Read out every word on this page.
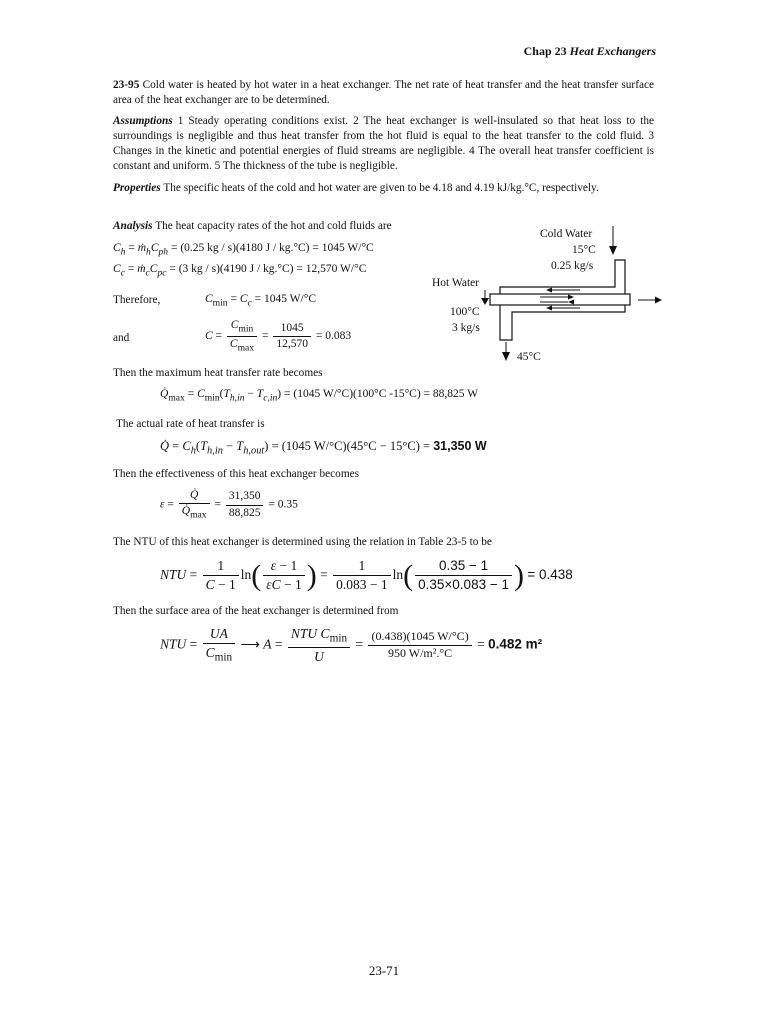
Chap 23 Heat Exchangers
23-95 Cold water is heated by hot water in a heat exchanger. The net rate of heat transfer and the heat transfer surface area of the heat exchanger are to be determined.
Assumptions 1 Steady operating conditions exist. 2 The heat exchanger is well-insulated so that heat loss to the surroundings is negligible and thus heat transfer from the hot fluid is equal to the heat transfer to the cold fluid. 3 Changes in the kinetic and potential energies of fluid streams are negligible. 4 The overall heat transfer coefficient is constant and uniform. 5 The thickness of the tube is negligible.
Properties The specific heats of the cold and hot water are given to be 4.18 and 4.19 kJ/kg.°C, respectively.
Analysis The heat capacity rates of the hot and cold fluids are
$C_h$ = $ṁ_hC_{ph} = (0.25$ kg / s)(4180 J / kg.°C) = 1045 W/°C
$C_c$ = $ṁ_cC_{pc} = (3$ kg / s)(4190 J / kg.°C) = 12,570 W/°C
Therefore,	$C_{min} = C_c = 1045$ W/°C
and	$C = \frac{C_{min}}{C_{max}} = \frac{1045}{12,570} = 0.083$
Then the maximum heat transfer rate becomes
$Q̇_{max} = C_{min}(T_{h,in} - T_{c,in}) = (1045$ W/°C)(100°C -15°C) = 88,825 W
The actual rate of heat transfer is
Q̇ = $C_h(T_{h,in} - T_{h,out}) = (1045$ W/°C)(45°C − 15°C) = 31,350 W
Then the effectiveness of this heat exchanger becomes
$\varepsilon = \frac{Q̇}{Q̇_{max}} = \frac{31,350}{88,825} = 0.35$
The NTU of this heat exchanger is determined using the relation in Table 23-5 to be
NTU = $\frac{1}{C - 1} \ln( \frac{\varepsilon - 1}{\varepsilon C - 1}$ ) = $\frac{1}{0.083 - 1} \ln( \frac{0.35 - 1}{0.35\times 0.083 - 1}$ ) = 0.438
Then the surface area of the heat exchanger is determined from
NTU = $\frac{UA}{C_{min}}$ ⟶ $A = \frac{NTU C_{min}}{U} = \frac{(0.438)(1045 W/^\circ C)}{\text{950 W/m².°C}} = 0.482$ m²
Cold Water
15°C
0.25 kg/s
Hot Water
100°C
3 kg/s
45°C
23-71
